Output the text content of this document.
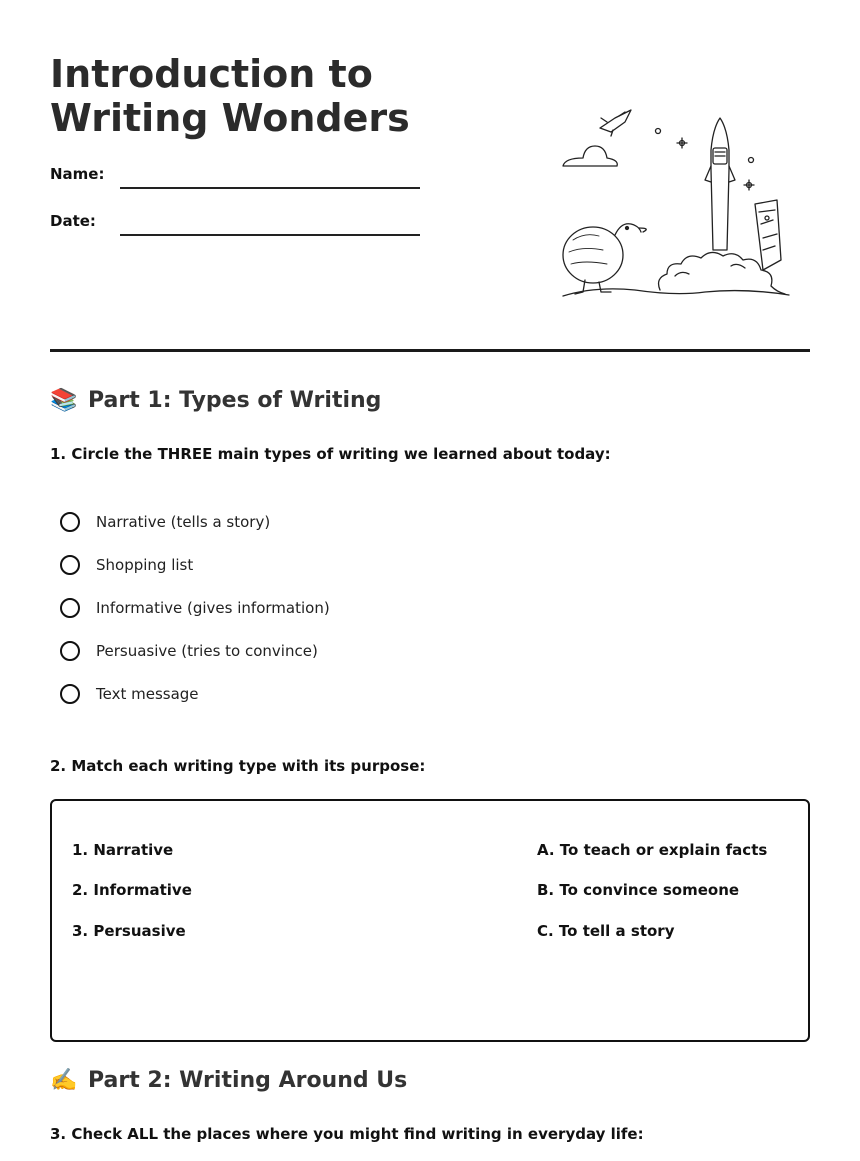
Introduction to Writing Wonders
Name:
Date:
📚 Part 1: Types of Writing
1. Circle the THREE main types of writing we learned about today:
Narrative (tells a story)
Shopping list
Informative (gives information)
Persuasive (tries to convince)
Text message
2. Match each writing type with its purpose:
1. Narrative
2. Informative
3. Persuasive
A. To teach or explain facts
B. To convince someone
C. To tell a story
✍️ Part 2: Writing Around Us
3. Check ALL the places where you might find writing in everyday life:
